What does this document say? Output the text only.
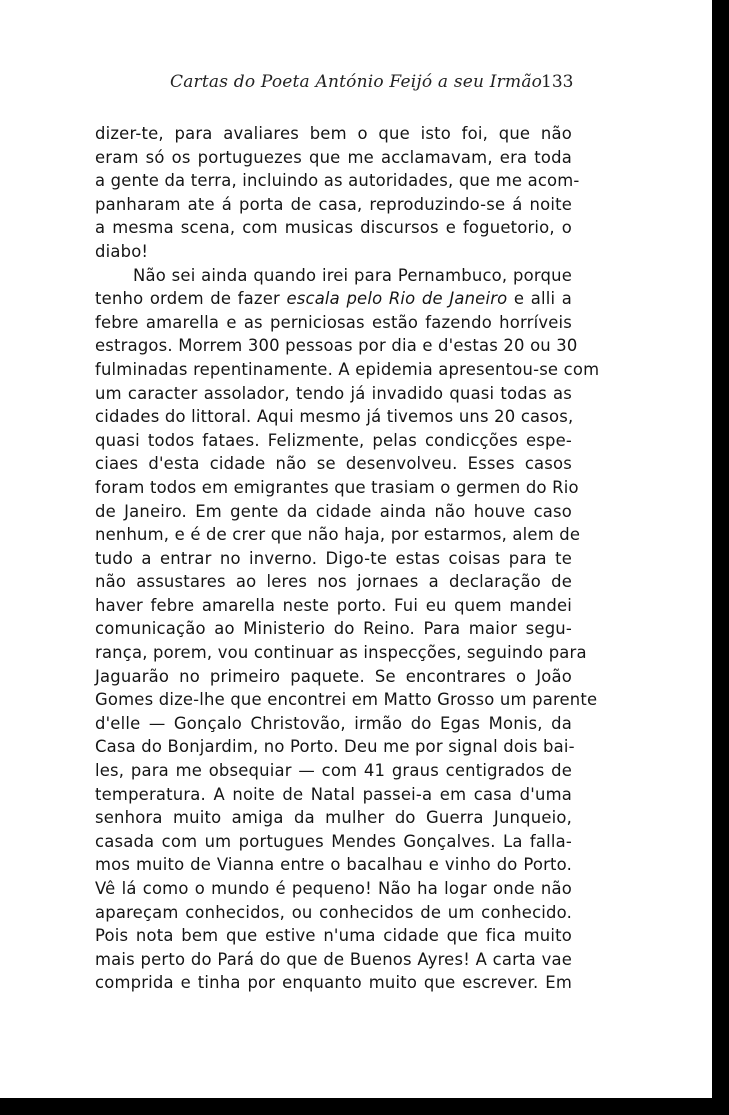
Cartas do Poeta António Feijó a seu Irmão
133
dizer-te, para avaliares bem o que isto foi, que não
eram só os portuguezes que me acclamavam, era toda
a gente da terra, incluindo as autoridades, que me acom-
panharam ate á porta de casa, reproduzindo-se á noite
a mesma scena, com musicas discursos e foguetorio, o
diabo!
Não sei ainda quando irei para Pernambuco, porque
tenho ordem de fazer escala pelo Rio de Janeiro e alli a
febre amarella e as perniciosas estão fazendo horríveis
estragos. Morrem 300 pessoas por dia e d'estas 20 ou 30
fulminadas repentinamente. A epidemia apresentou-se com
um caracter assolador, tendo já invadido quasi todas as
cidades do littoral. Aqui mesmo já tivemos uns 20 casos,
quasi todos fataes. Felizmente, pelas condicções espe-
ciaes d'esta cidade não se desenvolveu. Esses casos
foram todos em emigrantes que trasiam o germen do Rio
de Janeiro. Em gente da cidade ainda não houve caso
nenhum, e é de crer que não haja, por estarmos, alem de
tudo a entrar no inverno. Digo-te estas coisas para te
não assustares ao leres nos jornaes a declaração de
haver febre amarella neste porto. Fui eu quem mandei
comunicação ao Ministerio do Reino. Para maior segu-
rança, porem, vou continuar as inspecções, seguindo para
Jaguarão no primeiro paquete. Se encontrares o João
Gomes dize-lhe que encontrei em Matto Grosso um parente
d'elle — Gonçalo Christovão, irmão do Egas Monis, da
Casa do Bonjardim, no Porto. Deu me por signal dois bai-
les, para me obsequiar — com 41 graus centigrados de
temperatura. A noite de Natal passei-a em casa d'uma
senhora muito amiga da mulher do Guerra Junqueio,
casada com um portugues Mendes Gonçalves. La falla-
mos muito de Vianna entre o bacalhau e vinho do Porto.
Vê lá como o mundo é pequeno! Não ha logar onde não
apareçam conhecidos, ou conhecidos de um conhecido.
Pois nota bem que estive n'uma cidade que fica muito
mais perto do Pará do que de Buenos Ayres! A carta vae
comprida e tinha por enquanto muito que escrever. Em
